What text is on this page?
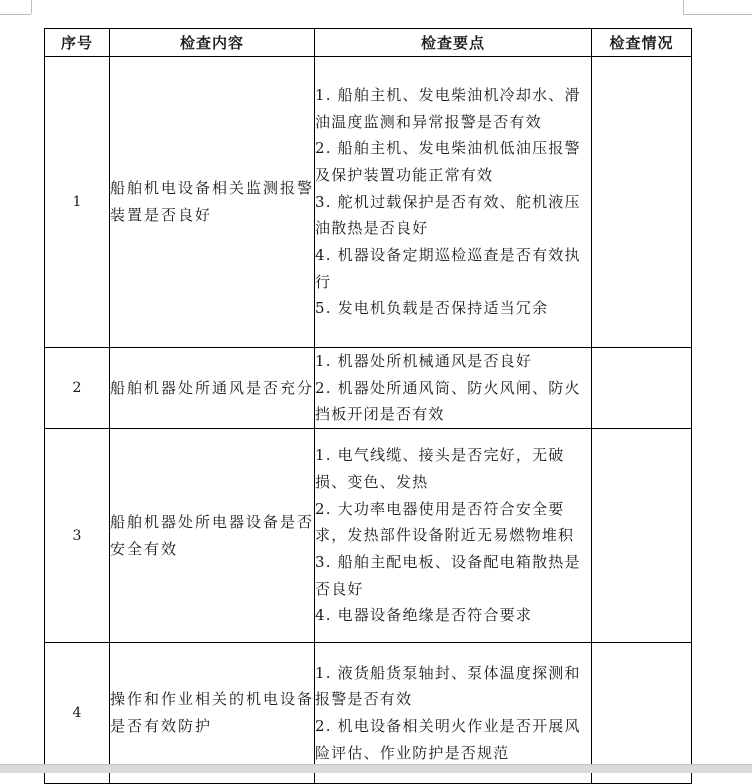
序号	检查内容	检查要点	检查情况
1	船舶机电设备相关监测报警装置是否良好	1. 船舶主机、发电柴油机冷却水、滑油温度监测和异常报警是否有效
2. 船舶主机、发电柴油机低油压报警及保护装置功能正常有效
3. 舵机过载保护是否有效、舵机液压油散热是否良好
4. 机器设备定期巡检巡查是否有效执行
5. 发电机负载是否保持适当冗余	

2	船舶机器处所通风是否充分	1. 机器处所机械通风是否良好
2. 机器处所通风筒、防火风闸、防火挡板开闭是否有效	

3	船舶机器处所电器设备是否安全有效	1. 电气线缆、接头是否完好，无破损、变色、发热
2. 大功率电器使用是否符合安全要求，发热部件设备附近无易燃物堆积
3. 船舶主配电板、设备配电箱散热是否良好
4. 电器设备绝缘是否符合要求	

4	操作和作业相关的机电设备是否有效防护	1. 液货船货泵轴封、泵体温度探测和报警是否有效
2. 机电设备相关明火作业是否开展风险评估、作业防护是否规范	
